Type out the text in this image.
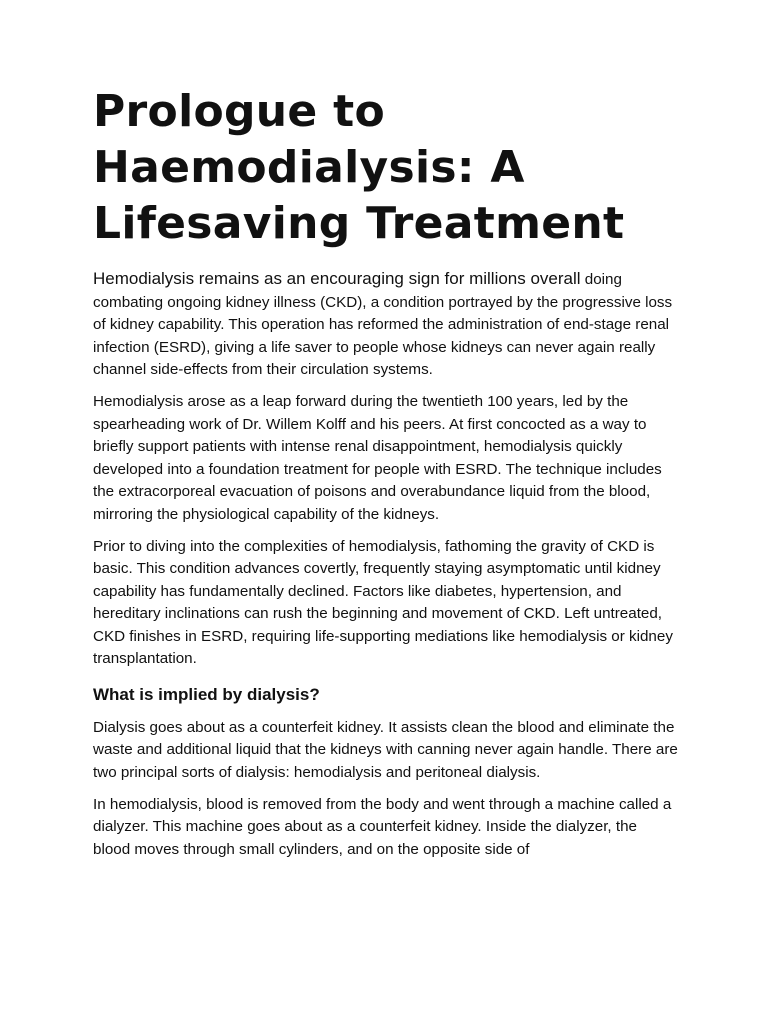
Prologue to Haemodialysis: A Lifesaving Treatment

Hemodialysis remains as an encouraging sign for millions overall doing combating ongoing kidney illness (CKD), a condition portrayed by the progressive loss of kidney capability. This operation has reformed the administration of end-stage renal infection (ESRD), giving a life saver to people whose kidneys can never again really channel side-effects from their circulation systems.

Hemodialysis arose as a leap forward during the twentieth 100 years, led by the spearheading work of Dr. Willem Kolff and his peers. At first concocted as a way to briefly support patients with intense renal disappointment, hemodialysis quickly developed into a foundation treatment for people with ESRD. The technique includes the extracorporeal evacuation of poisons and overabundance liquid from the blood, mirroring the physiological capability of the kidneys.

Prior to diving into the complexities of hemodialysis, fathoming the gravity of CKD is basic. This condition advances covertly, frequently staying asymptomatic until kidney capability has fundamentally declined. Factors like diabetes, hypertension, and hereditary inclinations can rush the beginning and movement of CKD. Left untreated, CKD finishes in ESRD, requiring life-supporting mediations like hemodialysis or kidney transplantation.

What is implied by dialysis?

Dialysis goes about as a counterfeit kidney. It assists clean the blood and eliminate the waste and additional liquid that the kidneys with canning never again handle. There are two principal sorts of dialysis: hemodialysis and peritoneal dialysis.

In hemodialysis, blood is removed from the body and went through a machine called a dialyzer. This machine goes about as a counterfeit kidney. Inside the dialyzer, the blood moves through small cylinders, and on the opposite side of
